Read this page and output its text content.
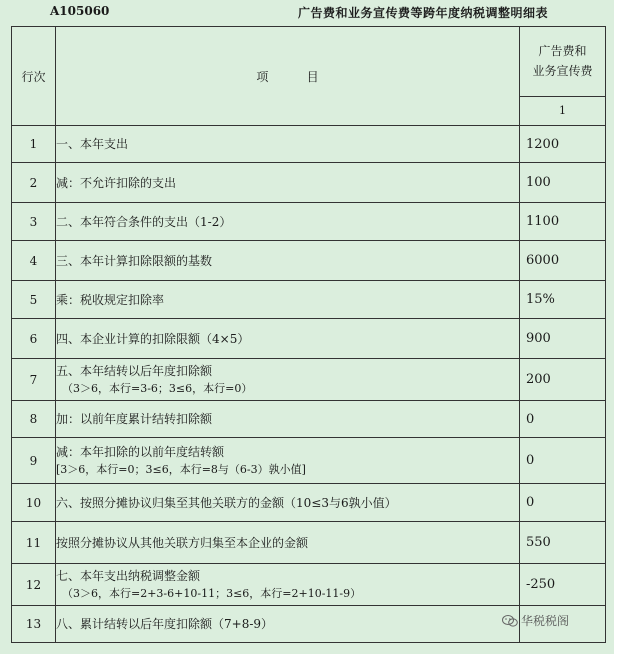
A105060	广告费和业务宣传费等跨年度纳税调整明细表
行次	项          目	广告费和
业务宣传费
		1
1	一、本年支出	1200
2	减：不允许扣除的支出	100
3	二、本年符合条件的支出（1-2）	1100
4	三、本年计算扣除限额的基数	6000
5	乘：税收规定扣除率	15%
6	四、本企业计算的扣除限额（4×5）	900
7	五、本年结转以后年度扣除额
（3＞6，本行=3-6；3≤6，本行=0）	200
8	加：以前年度累计结转扣除额	0
9	减：本年扣除的以前年度结转额
[3＞6，本行=0；3≤6，本行=8与（6-3）孰小值]	0
10	六、按照分摊协议归集至其他关联方的金额（10≤3与6孰小值）	0
11	按照分摊协议从其他关联方归集至本企业的金额	550
12	七、本年支出纳税调整金额
（3＞6，本行=2+3-6+10-11；3≤6，本行=2+10-11-9）	-250
13	八、累计结转以后年度扣除额（7+8-9）		华税税阁
